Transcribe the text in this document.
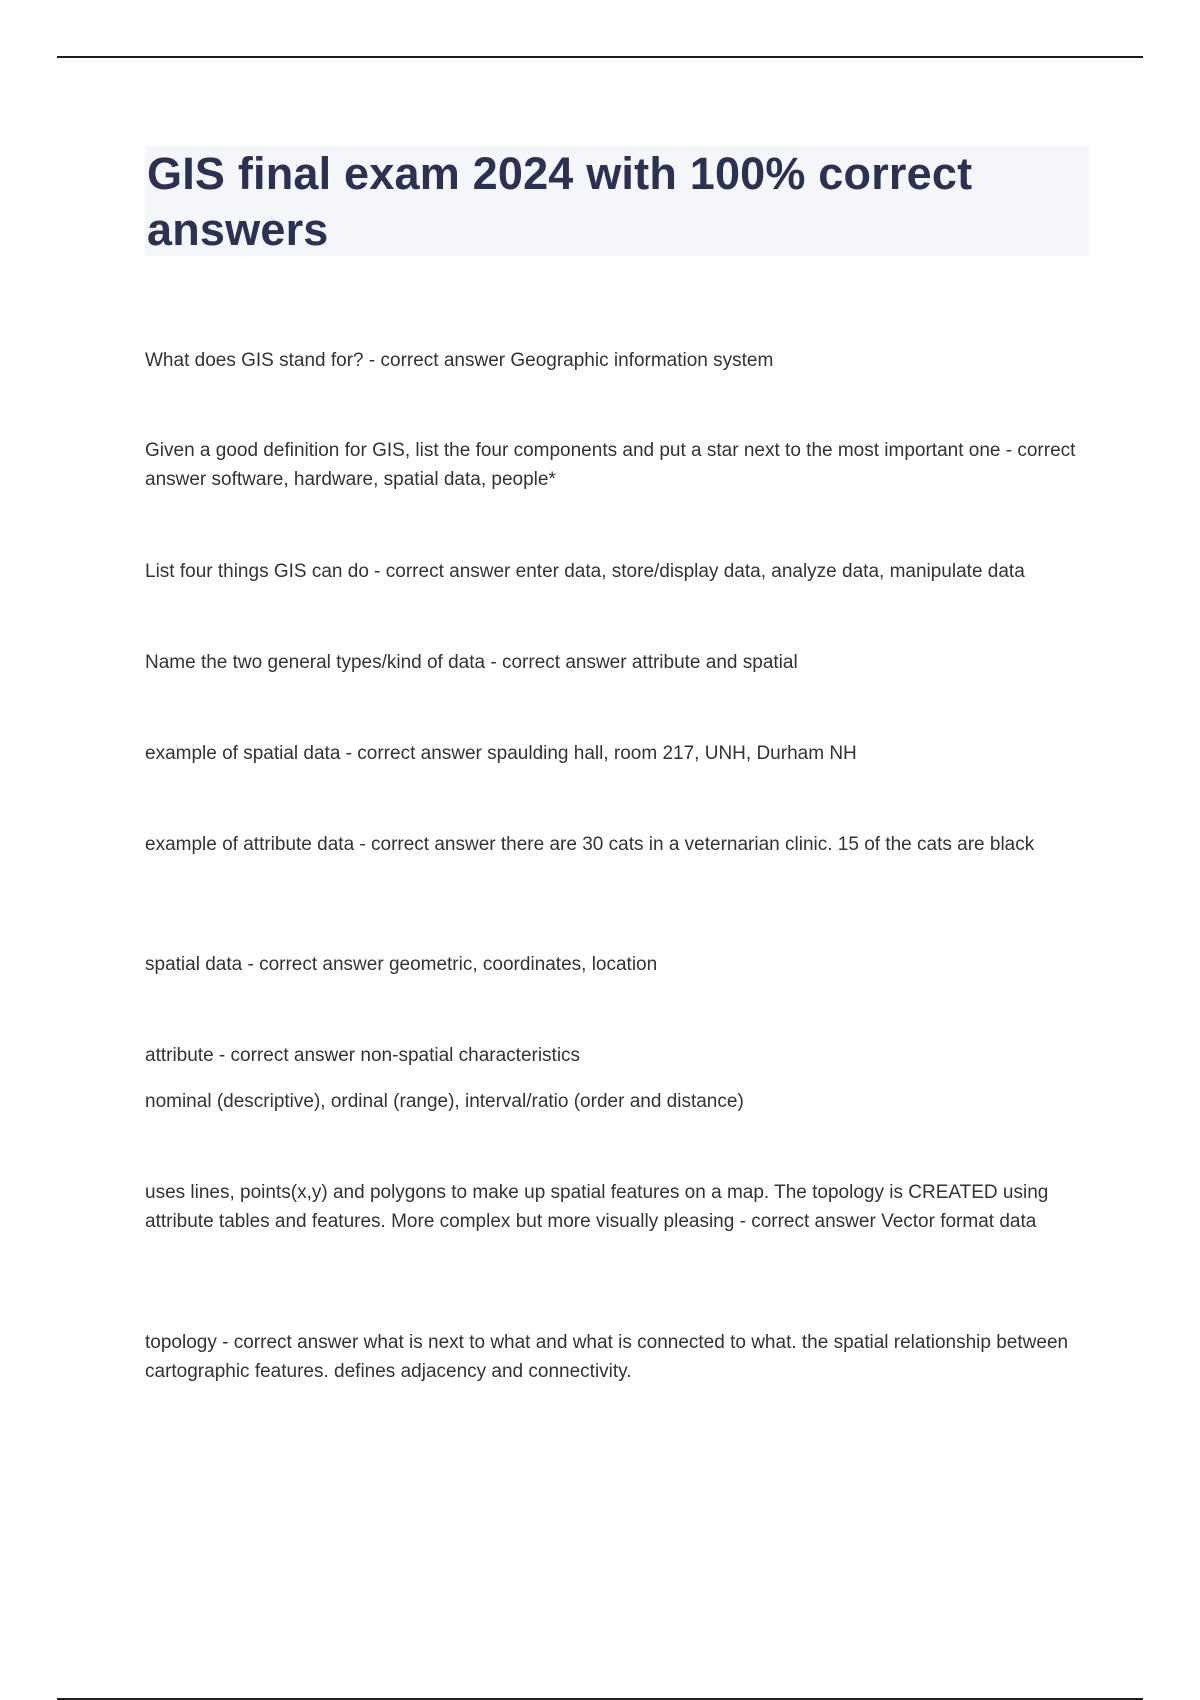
GIS final exam 2024 with 100% correct answers

What does GIS stand for? - correct answer Geographic information system

Given a good definition for GIS, list the four components and put a star next to the most important one - correct answer software, hardware, spatial data, people*

List four things GIS can do - correct answer enter data, store/display data, analyze data, manipulate data

Name the two general types/kind of data - correct answer attribute and spatial

example of spatial data - correct answer spaulding hall, room 217, UNH, Durham NH

example of attribute data - correct answer there are 30 cats in a veternarian clinic. 15 of the cats are black

spatial data - correct answer geometric, coordinates, location

attribute - correct answer non-spatial characteristics

nominal (descriptive), ordinal (range), interval/ratio (order and distance)

uses lines, points(x,y) and polygons to make up spatial features on a map. The topology is CREATED using attribute tables and features. More complex but more visually pleasing - correct answer Vector format data

topology - correct answer what is next to what and what is connected to what. the spatial relationship between cartographic features. defines adjacency and connectivity.
